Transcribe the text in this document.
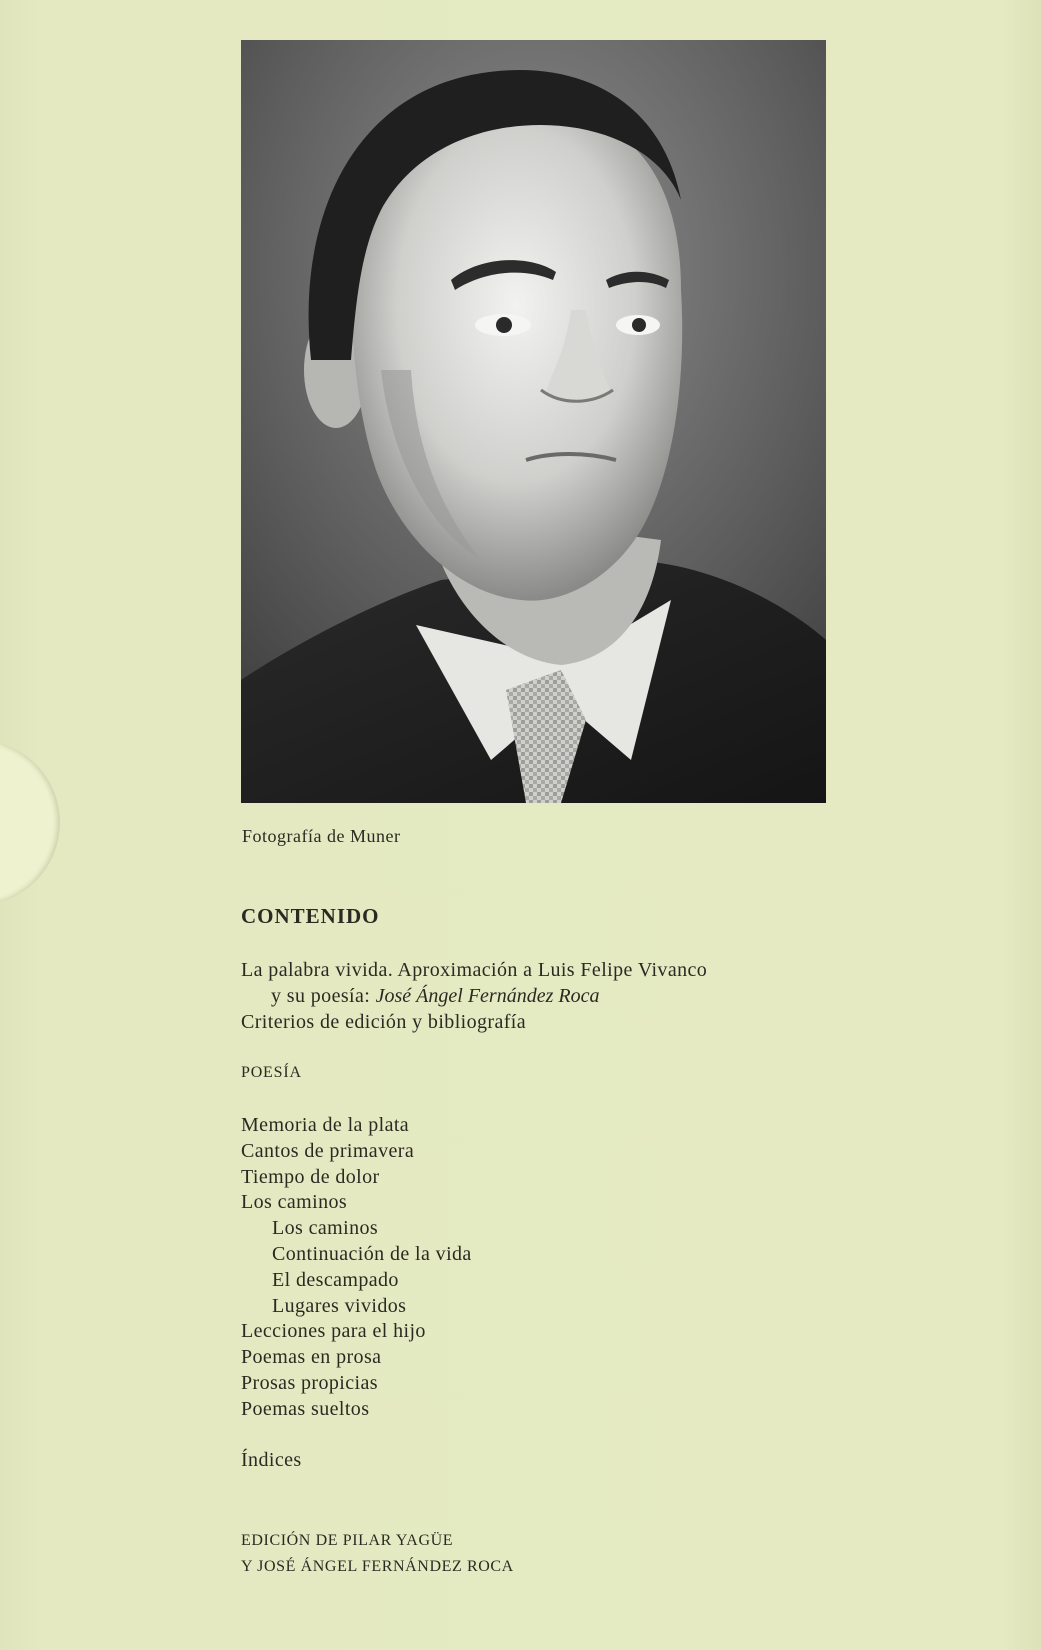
Fotografía de Muner
CONTENIDO
La palabra vivida. Aproximación a Luis Felipe Vivanco
y su poesía: José Ángel Fernández Roca
Criterios de edición y bibliografía
POESÍA
Memoria de la plata
Cantos de primavera
Tiempo de dolor
Los caminos
Los caminos
Continuación de la vida
El descampado
Lugares vividos
Lecciones para el hijo
Poemas en prosa
Prosas propicias
Poemas sueltos
Índices
EDICIÓN DE PILAR YAGÜE
Y JOSÉ ÁNGEL FERNÁNDEZ ROCA
